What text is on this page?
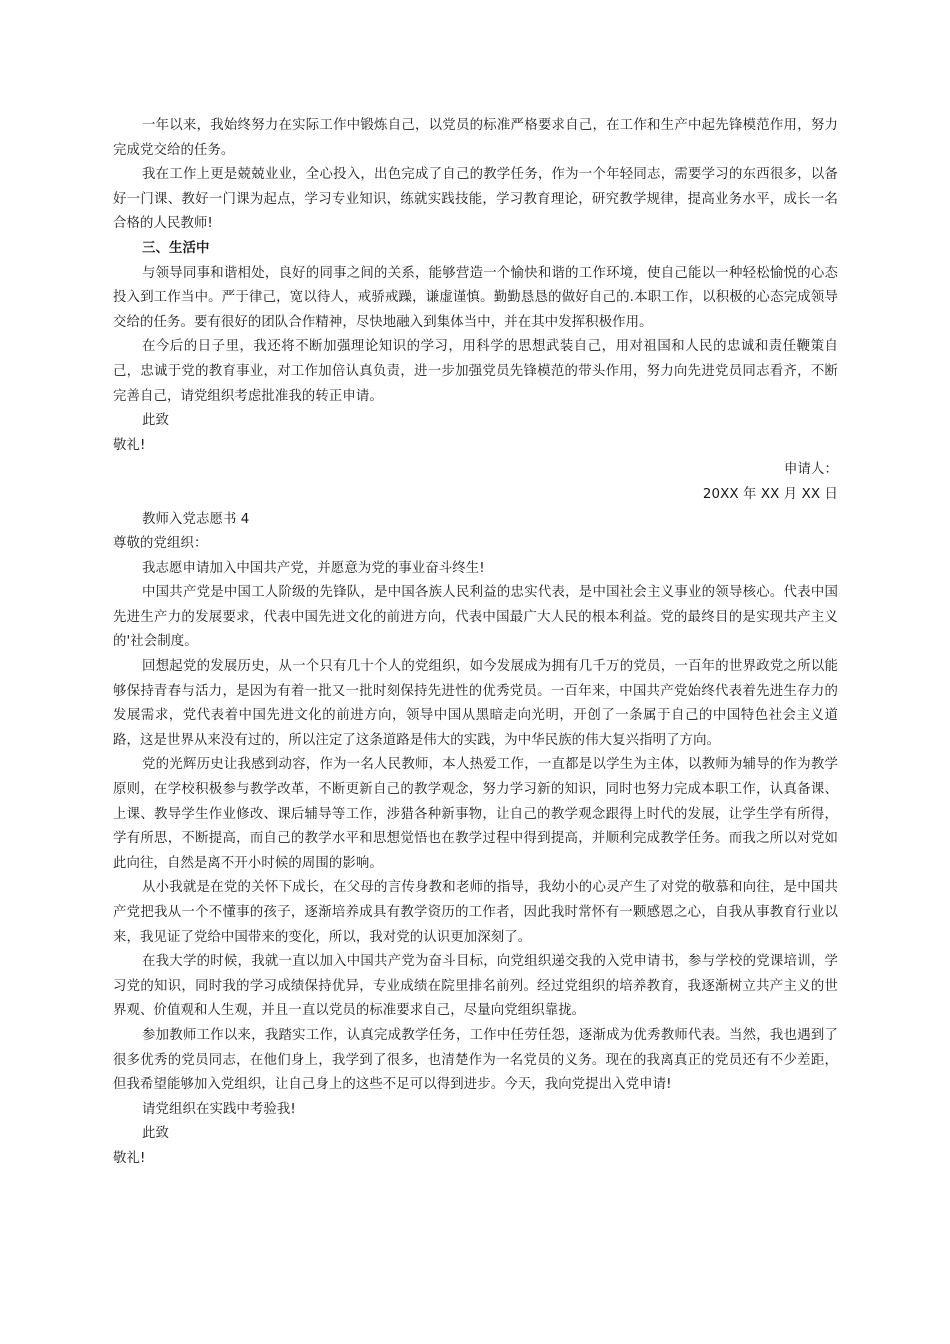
一年以来，我始终努力在实际工作中锻炼自己，以党员的标准严格要求自己，在工作和生产中起先锋模范作用，努力完成党交给的任务。

我在工作上更是兢兢业业，全心投入，出色完成了自己的教学任务，作为一个年轻同志，需要学习的东西很多，以备好一门课、教好一门课为起点，学习专业知识，练就实践技能，学习教育理论，研究教学规律，提高业务水平，成长一名合格的人民教师!

三、生活中

与领导同事和谐相处，良好的同事之间的关系，能够营造一个愉快和谐的工作环境，使自己能以一种轻松愉悦的心态投入到工作当中。严于律己，宽以待人，戒骄戒躁，谦虚谨慎。勤勤恳恳的做好自己的.本职工作，以积极的心态完成领导交给的任务。要有很好的团队合作精神，尽快地融入到集体当中，并在其中发挥积极作用。

在今后的日子里，我还将不断加强理论知识的学习，用科学的思想武装自己，用对祖国和人民的忠诚和责任鞭策自己，忠诚于党的教育事业，对工作加倍认真负责，进一步加强党员先锋模范的带头作用，努力向先进党员同志看齐，不断完善自己，请党组织考虑批准我的转正申请。

此致

敬礼!

申请人：

20XX 年 XX 月 XX 日

教师入党志愿书 4

尊敬的党组织：

我志愿申请加入中国共产党，并愿意为党的事业奋斗终生!

中国共产党是中国工人阶级的先锋队，是中国各族人民利益的忠实代表，是中国社会主义事业的领导核心。代表中国先进生产力的发展要求，代表中国先进文化的前进方向，代表中国最广大人民的根本利益。党的最终目的是实现共产主义的'社会制度。

回想起党的发展历史，从一个只有几十个人的党组织，如今发展成为拥有几千万的党员，一百年的世界政党之所以能够保持青春与活力，是因为有着一批又一批时刻保持先进性的优秀党员。一百年来，中国共产党始终代表着先进生存力的发展需求，党代表着中国先进文化的前进方向，领导中国从黑暗走向光明，开创了一条属于自己的中国特色社会主义道路，这是世界从来没有过的，所以注定了这条道路是伟大的实践，为中华民族的伟大复兴指明了方向。

党的光辉历史让我感到动容，作为一名人民教师，本人热爱工作，一直都是以学生为主体，以教师为辅导的作为教学原则，在学校积极参与教学改革，不断更新自己的教学观念，努力学习新的知识，同时也努力完成本职工作，认真备课、上课、教导学生作业修改、课后辅导等工作，涉猎各种新事物，让自己的教学观念跟得上时代的发展，让学生学有所得，学有所思，不断提高，而自己的教学水平和思想觉悟也在教学过程中得到提高，并顺利完成教学任务。而我之所以对党如此向往，自然是离不开小时候的周围的影响。

从小我就是在党的关怀下成长，在父母的言传身教和老师的指导，我幼小的心灵产生了对党的敬慕和向往，是中国共产党把我从一个不懂事的孩子，逐渐培养成具有教学资历的工作者，因此我时常怀有一颗感恩之心，自我从事教育行业以来，我见证了党给中国带来的变化，所以，我对党的认识更加深刻了。

在我大学的时候，我就一直以加入中国共产党为奋斗目标，向党组织递交我的入党申请书，参与学校的党课培训，学习党的知识，同时我的学习成绩保持优异，专业成绩在院里排名前列。经过党组织的培养教育，我逐渐树立共产主义的世界观、价值观和人生观，并且一直以党员的标准要求自己，尽量向党组织靠拢。

参加教师工作以来，我踏实工作，认真完成教学任务，工作中任劳任怨，逐渐成为优秀教师代表。当然，我也遇到了很多优秀的党员同志，在他们身上，我学到了很多，也清楚作为一名党员的义务。现在的我离真正的党员还有不少差距，但我希望能够加入党组织，让自己身上的这些不足可以得到进步。今天，我向党提出入党申请!

请党组织在实践中考验我!

此致

敬礼!
